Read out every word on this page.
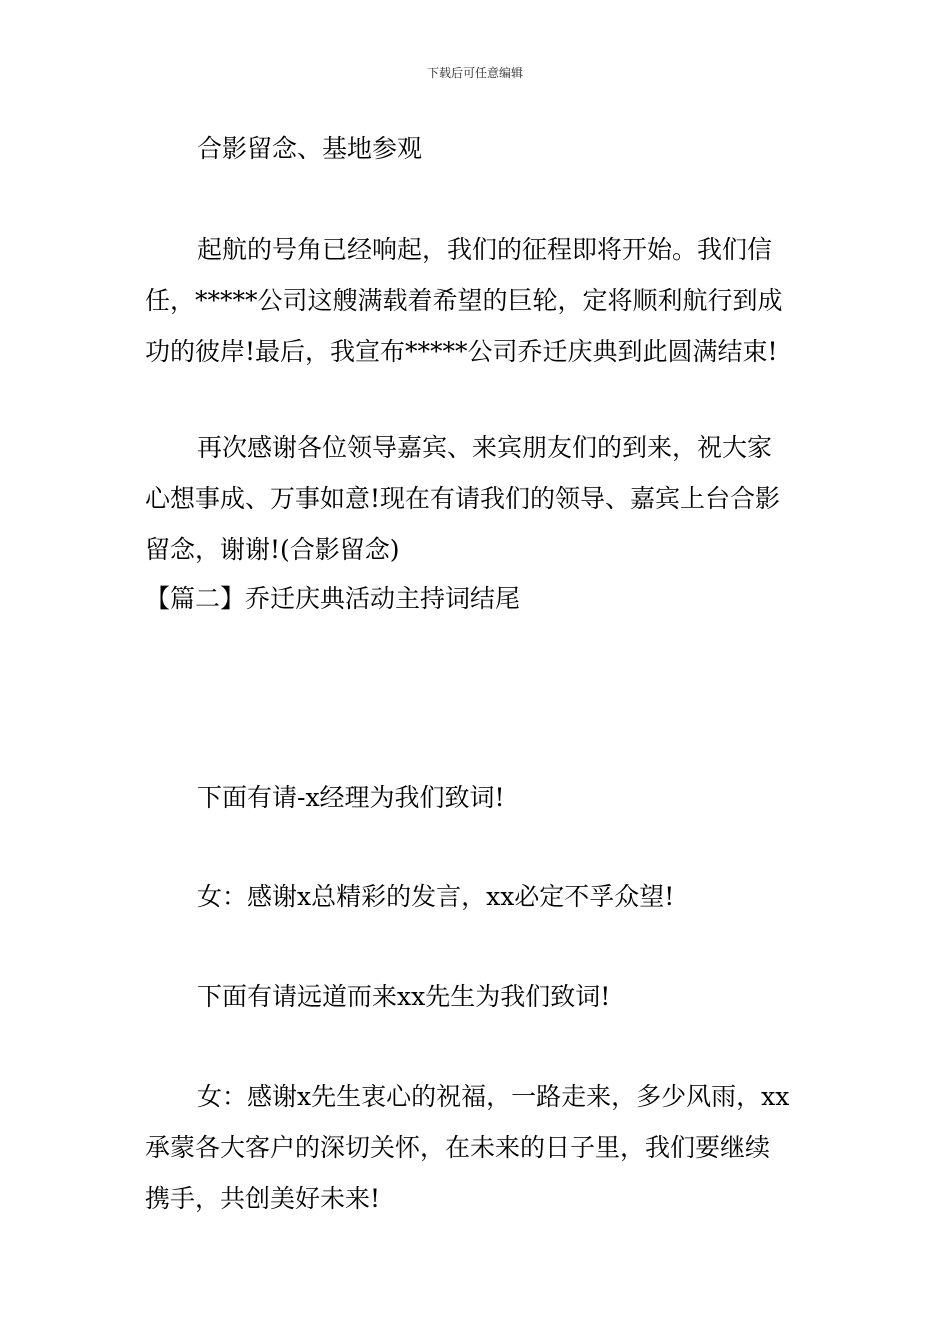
下载后可任意编辑

合影留念、基地参观

起航的号角已经响起，我们的征程即将开始。我们信
任，*****公司这艘满载着希望的巨轮，定将顺利航行到成
功的彼岸!最后，我宣布*****公司乔迁庆典到此圆满结束!
再次感谢各位领导嘉宾、来宾朋友们的到来，祝大家
心想事成、万事如意!现在有请我们的领导、嘉宾上台合影
留念，谢谢!(合影留念)

【篇二】乔迁庆典活动主持词结尾

下面有请-x经理为我们致词!

女：感谢x总精彩的发言，xx必定不孚众望!

下面有请远道而来xx先生为我们致词!

女：感谢x先生衷心的祝福，一路走来，多少风雨，xx
承蒙各大客户的深切关怀，在未来的日子里，我们要继续
携手，共创美好未来!
